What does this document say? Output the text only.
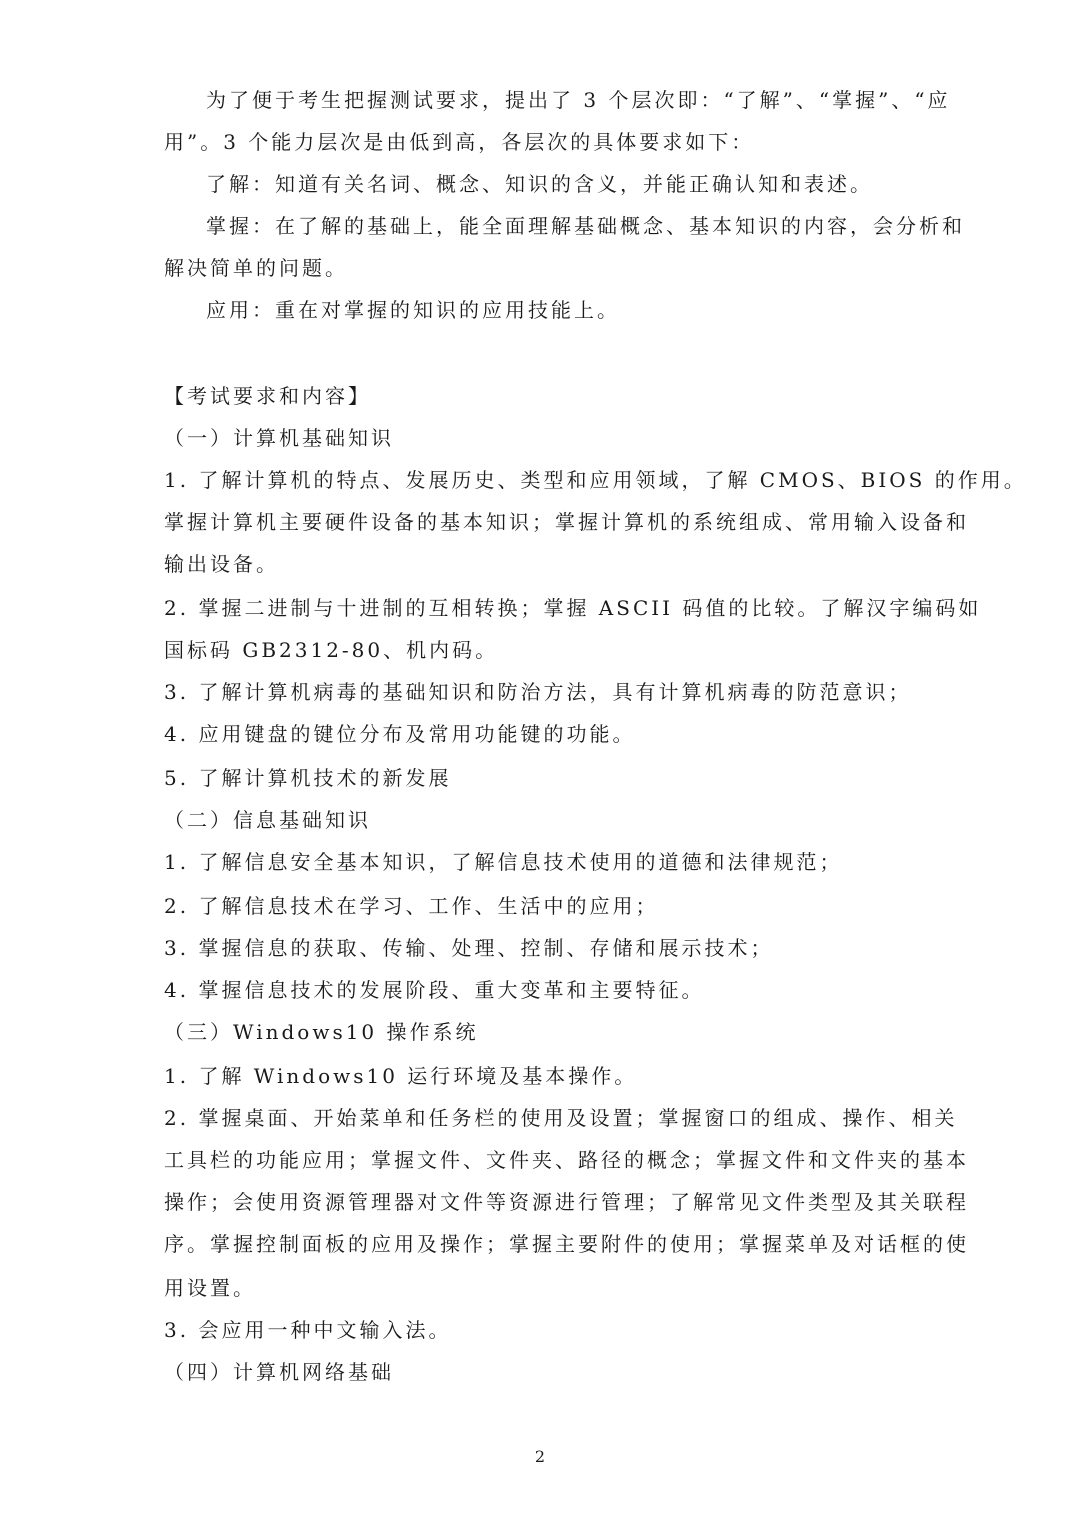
为了便于考生把握测试要求，提出了 3 个层次即：“了解”、“掌握”、“应
用”。3 个能力层次是由低到高，各层次的具体要求如下：
了解：知道有关名词、概念、知识的含义，并能正确认知和表述。
掌握：在了解的基础上，能全面理解基础概念、基本知识的内容，会分析和
解决简单的问题。
应用：重在对掌握的知识的应用技能上。
【考试要求和内容】
（一）计算机基础知识
1. 了解计算机的特点、发展历史、类型和应用领域，了解 CMOS、BIOS 的作用。
掌握计算机主要硬件设备的基本知识；掌握计算机的系统组成、常用输入设备和
输出设备。
2. 掌握二进制与十进制的互相转换；掌握 ASCII 码值的比较。了解汉字编码如
国标码 GB2312-80、机内码。
3. 了解计算机病毒的基础知识和防治方法，具有计算机病毒的防范意识；
4. 应用键盘的键位分布及常用功能键的功能。
5. 了解计算机技术的新发展
（二）信息基础知识
1. 了解信息安全基本知识，了解信息技术使用的道德和法律规范；
2. 了解信息技术在学习、工作、生活中的应用；
3. 掌握信息的获取、传输、处理、控制、存储和展示技术；
4. 掌握信息技术的发展阶段、重大变革和主要特征。
（三）Windows10 操作系统
1. 了解 Windows10 运行环境及基本操作。
2. 掌握桌面、开始菜单和任务栏的使用及设置；掌握窗口的组成、操作、相关
工具栏的功能应用；掌握文件、文件夹、路径的概念；掌握文件和文件夹的基本
操作；会使用资源管理器对文件等资源进行管理；了解常见文件类型及其关联程
序。掌握控制面板的应用及操作；掌握主要附件的使用；掌握菜单及对话框的使
用设置。
3. 会应用一种中文输入法。
（四）计算机网络基础
2
